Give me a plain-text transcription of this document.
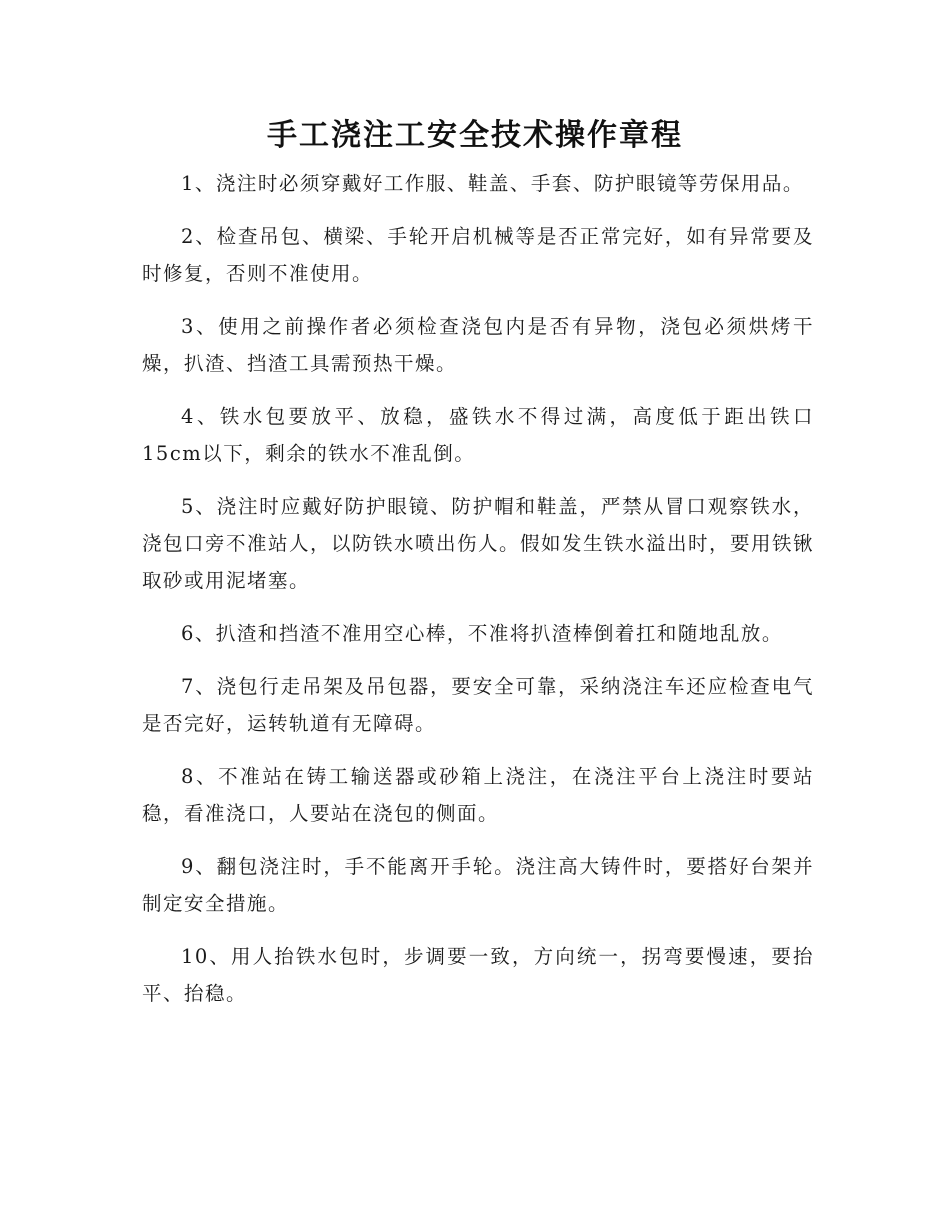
手工浇注工安全技术操作章程

1、浇注时必须穿戴好工作服、鞋盖、手套、防护眼镜等劳保用品。

2、检查吊包、横梁、手轮开启机械等是否正常完好，如有异常要及时修复，否则不准使用。

3、使用之前操作者必须检查浇包内是否有异物，浇包必须烘烤干燥，扒渣、挡渣工具需预热干燥。

4、铁水包要放平、放稳，盛铁水不得过满，高度低于距出铁口15cm以下，剩余的铁水不准乱倒。

5、浇注时应戴好防护眼镜、防护帽和鞋盖，严禁从冒口观察铁水，浇包口旁不准站人，以防铁水喷出伤人。假如发生铁水溢出时，要用铁锹取砂或用泥堵塞。

6、扒渣和挡渣不准用空心棒，不准将扒渣棒倒着扛和随地乱放。

7、浇包行走吊架及吊包器，要安全可靠，采纳浇注车还应检查电气是否完好，运转轨道有无障碍。

8、不准站在铸工输送器或砂箱上浇注，在浇注平台上浇注时要站稳，看准浇口，人要站在浇包的侧面。

9、翻包浇注时，手不能离开手轮。浇注高大铸件时，要搭好台架并制定安全措施。

10、用人抬铁水包时，步调要一致，方向统一，拐弯要慢速，要抬平、抬稳。
